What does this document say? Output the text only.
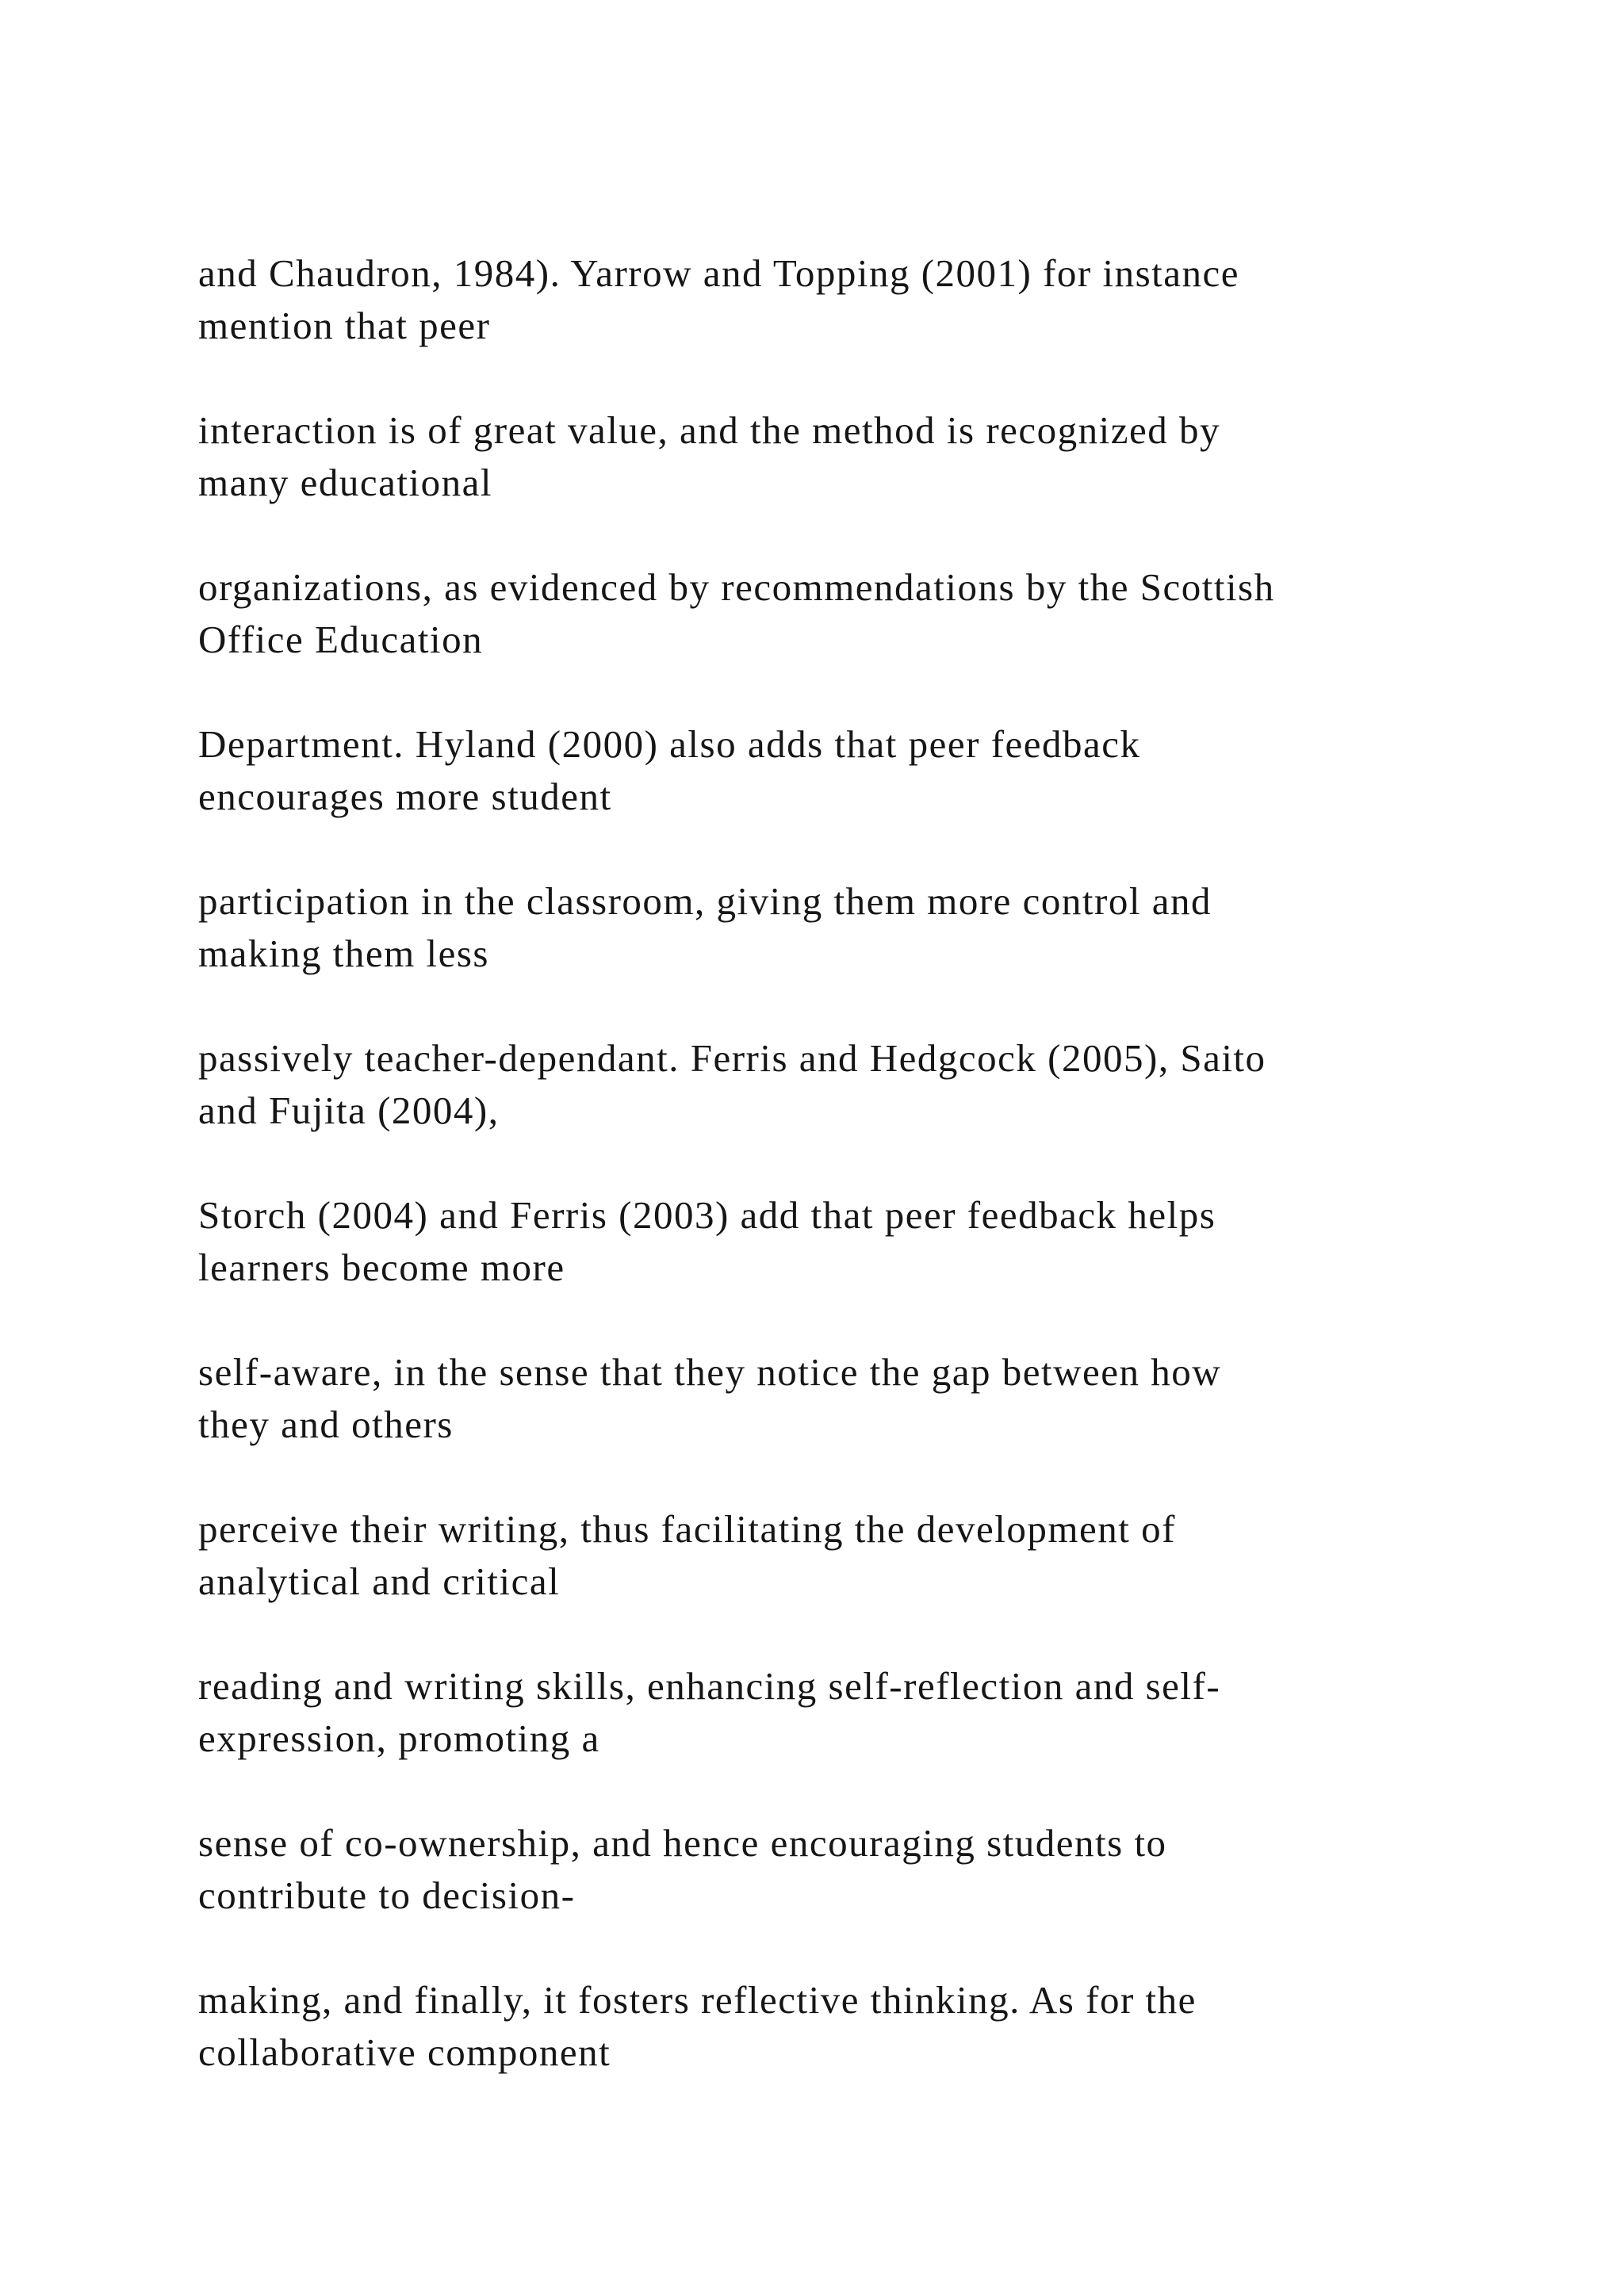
and Chaudron, 1984). Yarrow and Topping (2001) for instance
mention that peer

interaction is of great value, and the method is recognized by
many educational

organizations, as evidenced by recommendations by the Scottish
Office Education

Department. Hyland (2000) also adds that peer feedback
encourages more student

participation in the classroom, giving them more control and
making them less

passively teacher-dependant. Ferris and Hedgcock (2005), Saito
and Fujita (2004),

Storch (2004) and Ferris (2003) add that peer feedback helps
learners become more

self-aware, in the sense that they notice the gap between how
they and others

perceive their writing, thus facilitating the development of
analytical and critical

reading and writing skills, enhancing self-reflection and self-
expression, promoting a

sense of co-ownership, and hence encouraging students to
contribute to decision-

making, and finally, it fosters reflective thinking. As for the
collaborative component
